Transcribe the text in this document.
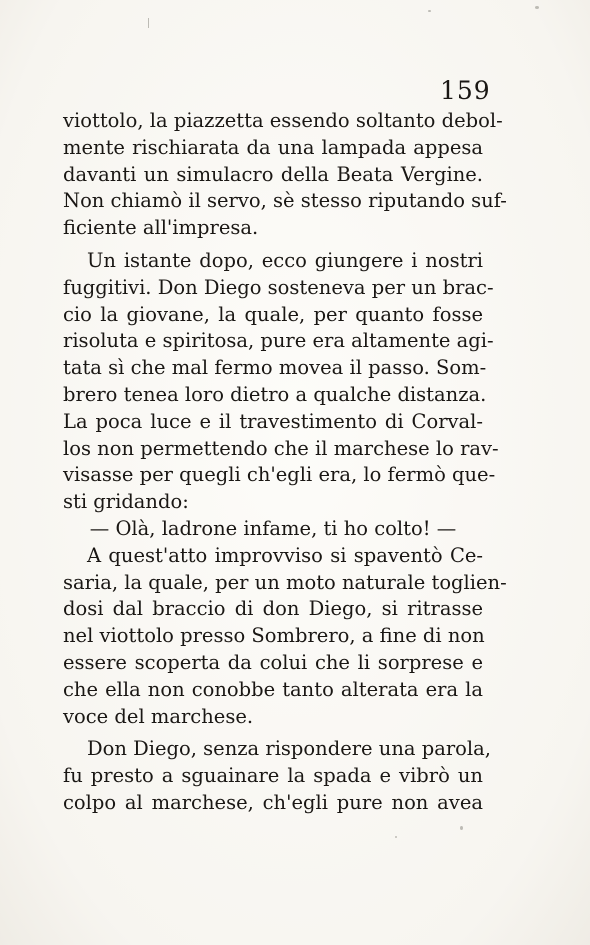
159
viottolo, la piazzetta essendo soltanto debol-
mente rischiarata da una lampada appesa
davanti un simulacro della Beata Vergine.
Non chiamò il servo, sè stesso riputando suf-
ficiente all'impresa.
Un istante dopo, ecco giungere i nostri
fuggitivi. Don Diego sosteneva per un brac-
cio la giovane, la quale, per quanto fosse
risoluta e spiritosa, pure era altamente agi-
tata sì che mal fermo movea il passo. Som-
brero tenea loro dietro a qualche distanza.
La poca luce e il travestimento di Corval-
los non permettendo che il marchese lo rav-
visasse per quegli ch'egli era, lo fermò que-
sti gridando:
— Olà, ladrone infame, ti ho colto! —
A quest'atto improvviso si spaventò Ce-
saria, la quale, per un moto naturale toglien-
dosi dal braccio di don Diego, si ritrasse
nel viottolo presso Sombrero, a fine di non
essere scoperta da colui che li sorprese e
che ella non conobbe tanto alterata era la
voce del marchese.
Don Diego, senza rispondere una parola,
fu presto a sguainare la spada e vibrò un
colpo al marchese, ch'egli pure non avea
